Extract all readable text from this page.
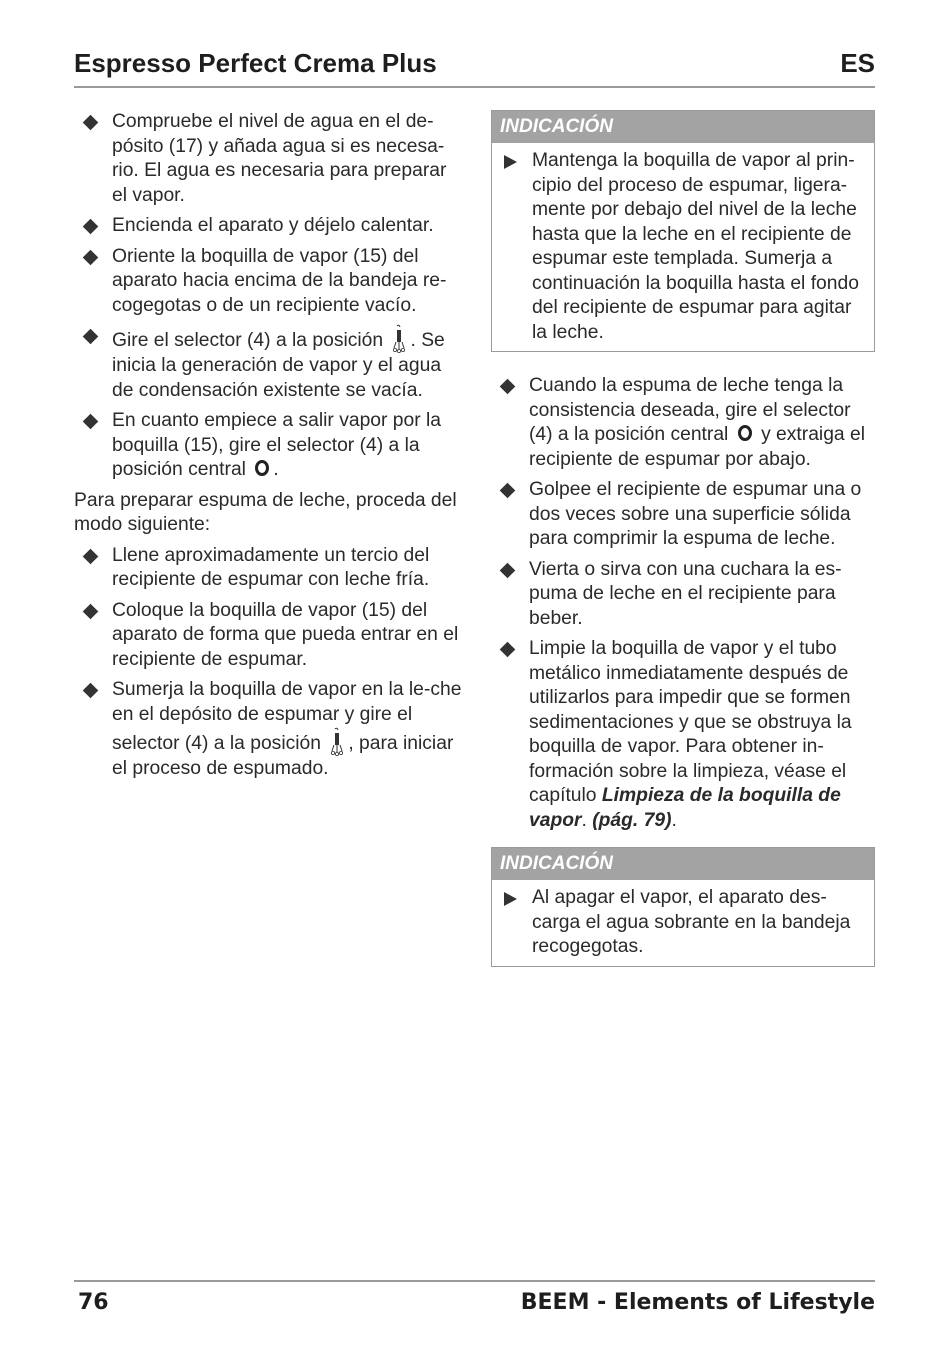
Espresso Perfect Crema Plus	ES
Compruebe el nivel de agua en el de-pósito (17) y añada agua si es necesa-rio. El agua es necesaria para preparar el vapor.
Encienda el aparato y déjelo calentar.
Oriente la boquilla de vapor (15) del aparato hacia encima de la bandeja re-cogegotas o de un recipiente vacío.
Gire el selector (4) a la posición . Se inicia la generación de vapor y el agua de condensación existente se vacía.
En cuanto empiece a salir vapor por la boquilla (15), gire el selector (4) a la posición central .

Para preparar espuma de leche, proceda del modo siguiente:

Llene aproximadamente un tercio del recipiente de espumar con leche fría.
Coloque la boquilla de vapor (15) del aparato de forma que pueda entrar en el recipiente de espumar.
Sumerja la boquilla de vapor en la le-che en el depósito de espumar y gire el selector (4) a la posición , para iniciar el proceso de espumado.
INDICACIÓN
Mantenga la boquilla de vapor al prin-cipio del proceso de espumar, ligera-mente por debajo del nivel de la leche hasta que la leche en el recipiente de espumar este templada. Sumerja a continuación la boquilla hasta el fondo del recipiente de espumar para agitar la leche.
Cuando la espuma de leche tenga la consistencia deseada, gire el selector (4) a la posición central y extraiga el recipiente de espumar por abajo.
Golpee el recipiente de espumar una o dos veces sobre una superficie sólida para comprimir la espuma de leche.
Vierta o sirva con una cuchara la es-puma de leche en el recipiente para beber.
Limpie la boquilla de vapor y el tubo metálico inmediatamente después de utilizarlos para impedir que se formen sedimentaciones y que se obstruya la boquilla de vapor. Para obtener in-formación sobre la limpieza, véase el capítulo Limpieza de la boquilla de vapor. (pág. 79).
INDICACIÓN
Al apagar el vapor, el aparato des-carga el agua sobrante en la bandeja recogegotas.
76	BEEM - Elements of Lifestyle
